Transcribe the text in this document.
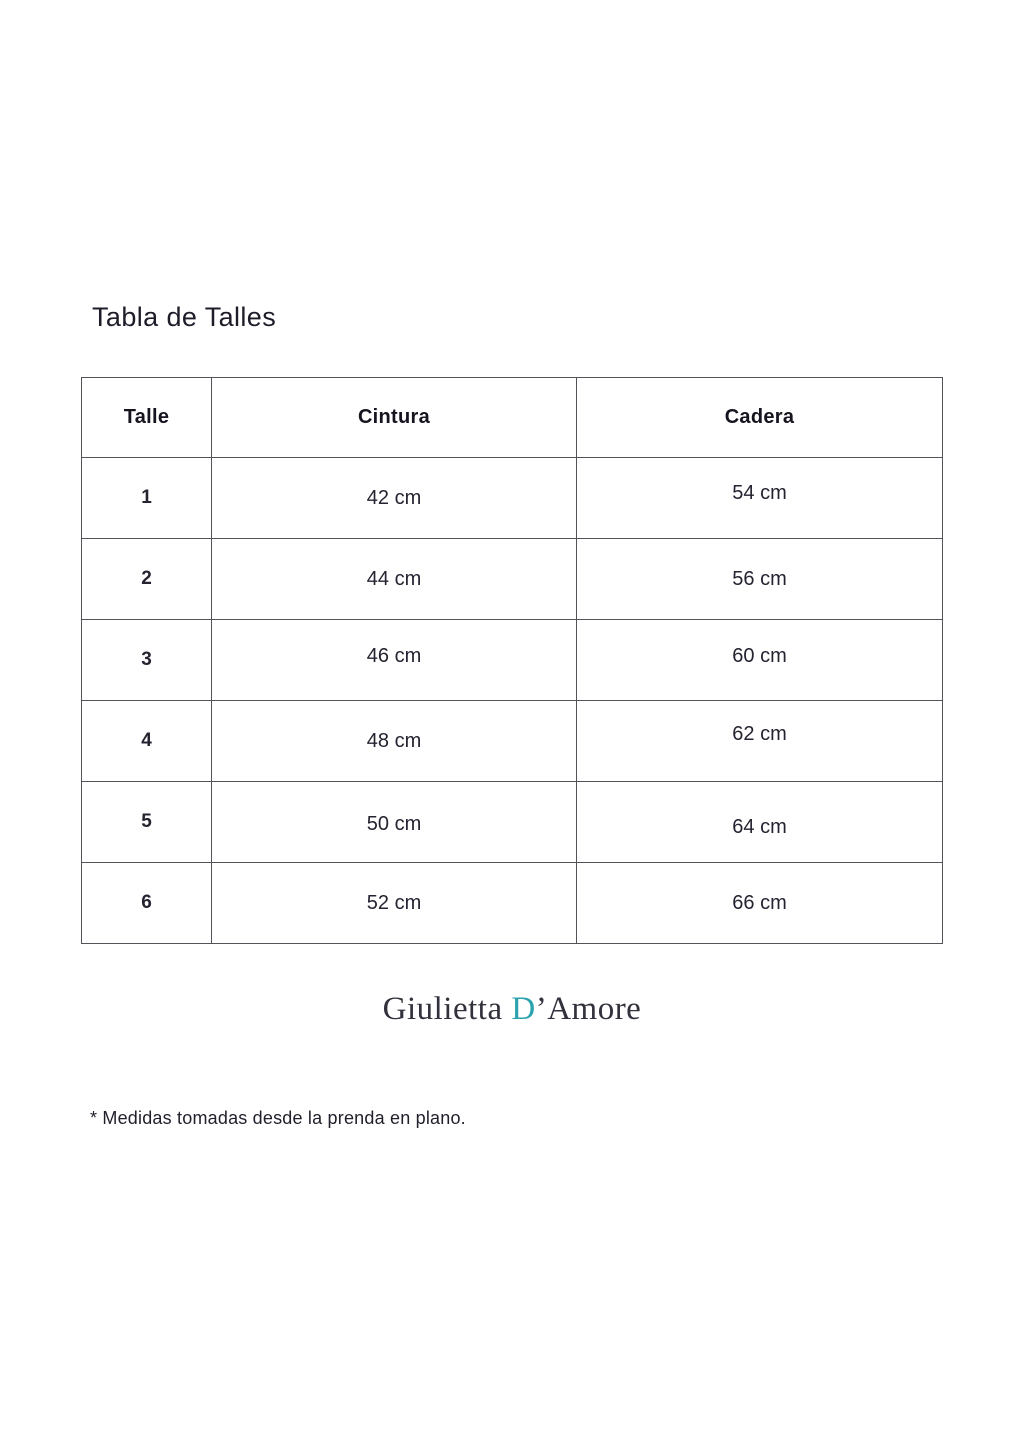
Tabla de Talles
Talle	Cintura	Cadera
1	42 cm	54 cm
2	44 cm	56 cm
3	46 cm	60 cm
4	48 cm	62 cm
5	50 cm	64 cm
6	52 cm	66 cm
Giulietta D’Amore
* Medidas tomadas desde la prenda en plano.
